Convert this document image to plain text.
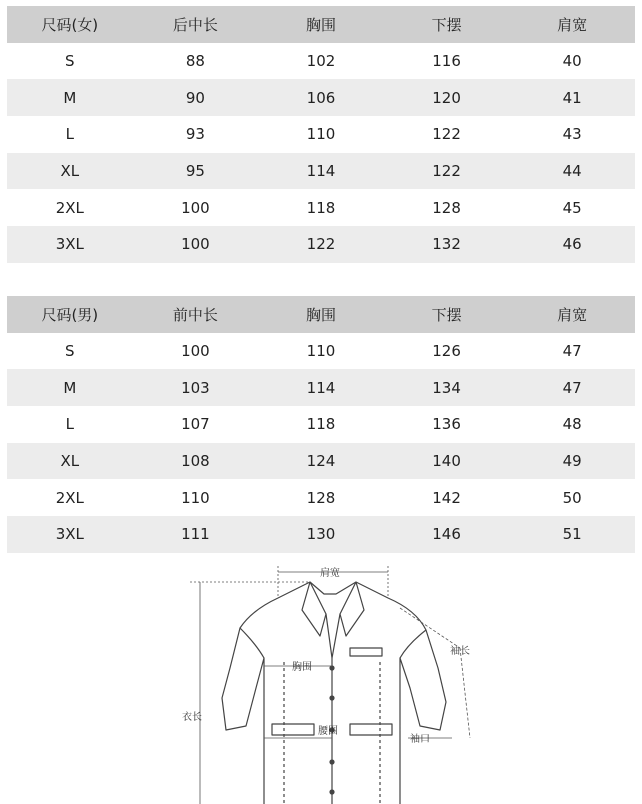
尺码(女)	后中长	胸围	下摆	肩宽
S	88	102	116	40
M	90	106	120	41
L	93	110	122	43
XL	95	114	122	44
2XL	100	118	128	45
3XL	100	122	132	46
尺码(男)	前中长	胸围	下摆	肩宽
S	100	110	126	47
M	103	114	134	47
L	107	118	136	48
XL	108	124	140	49
2XL	110	128	142	50
3XL	111	130	146	51
肩宽
袖长
胸围
衣长
腰围
袖口
